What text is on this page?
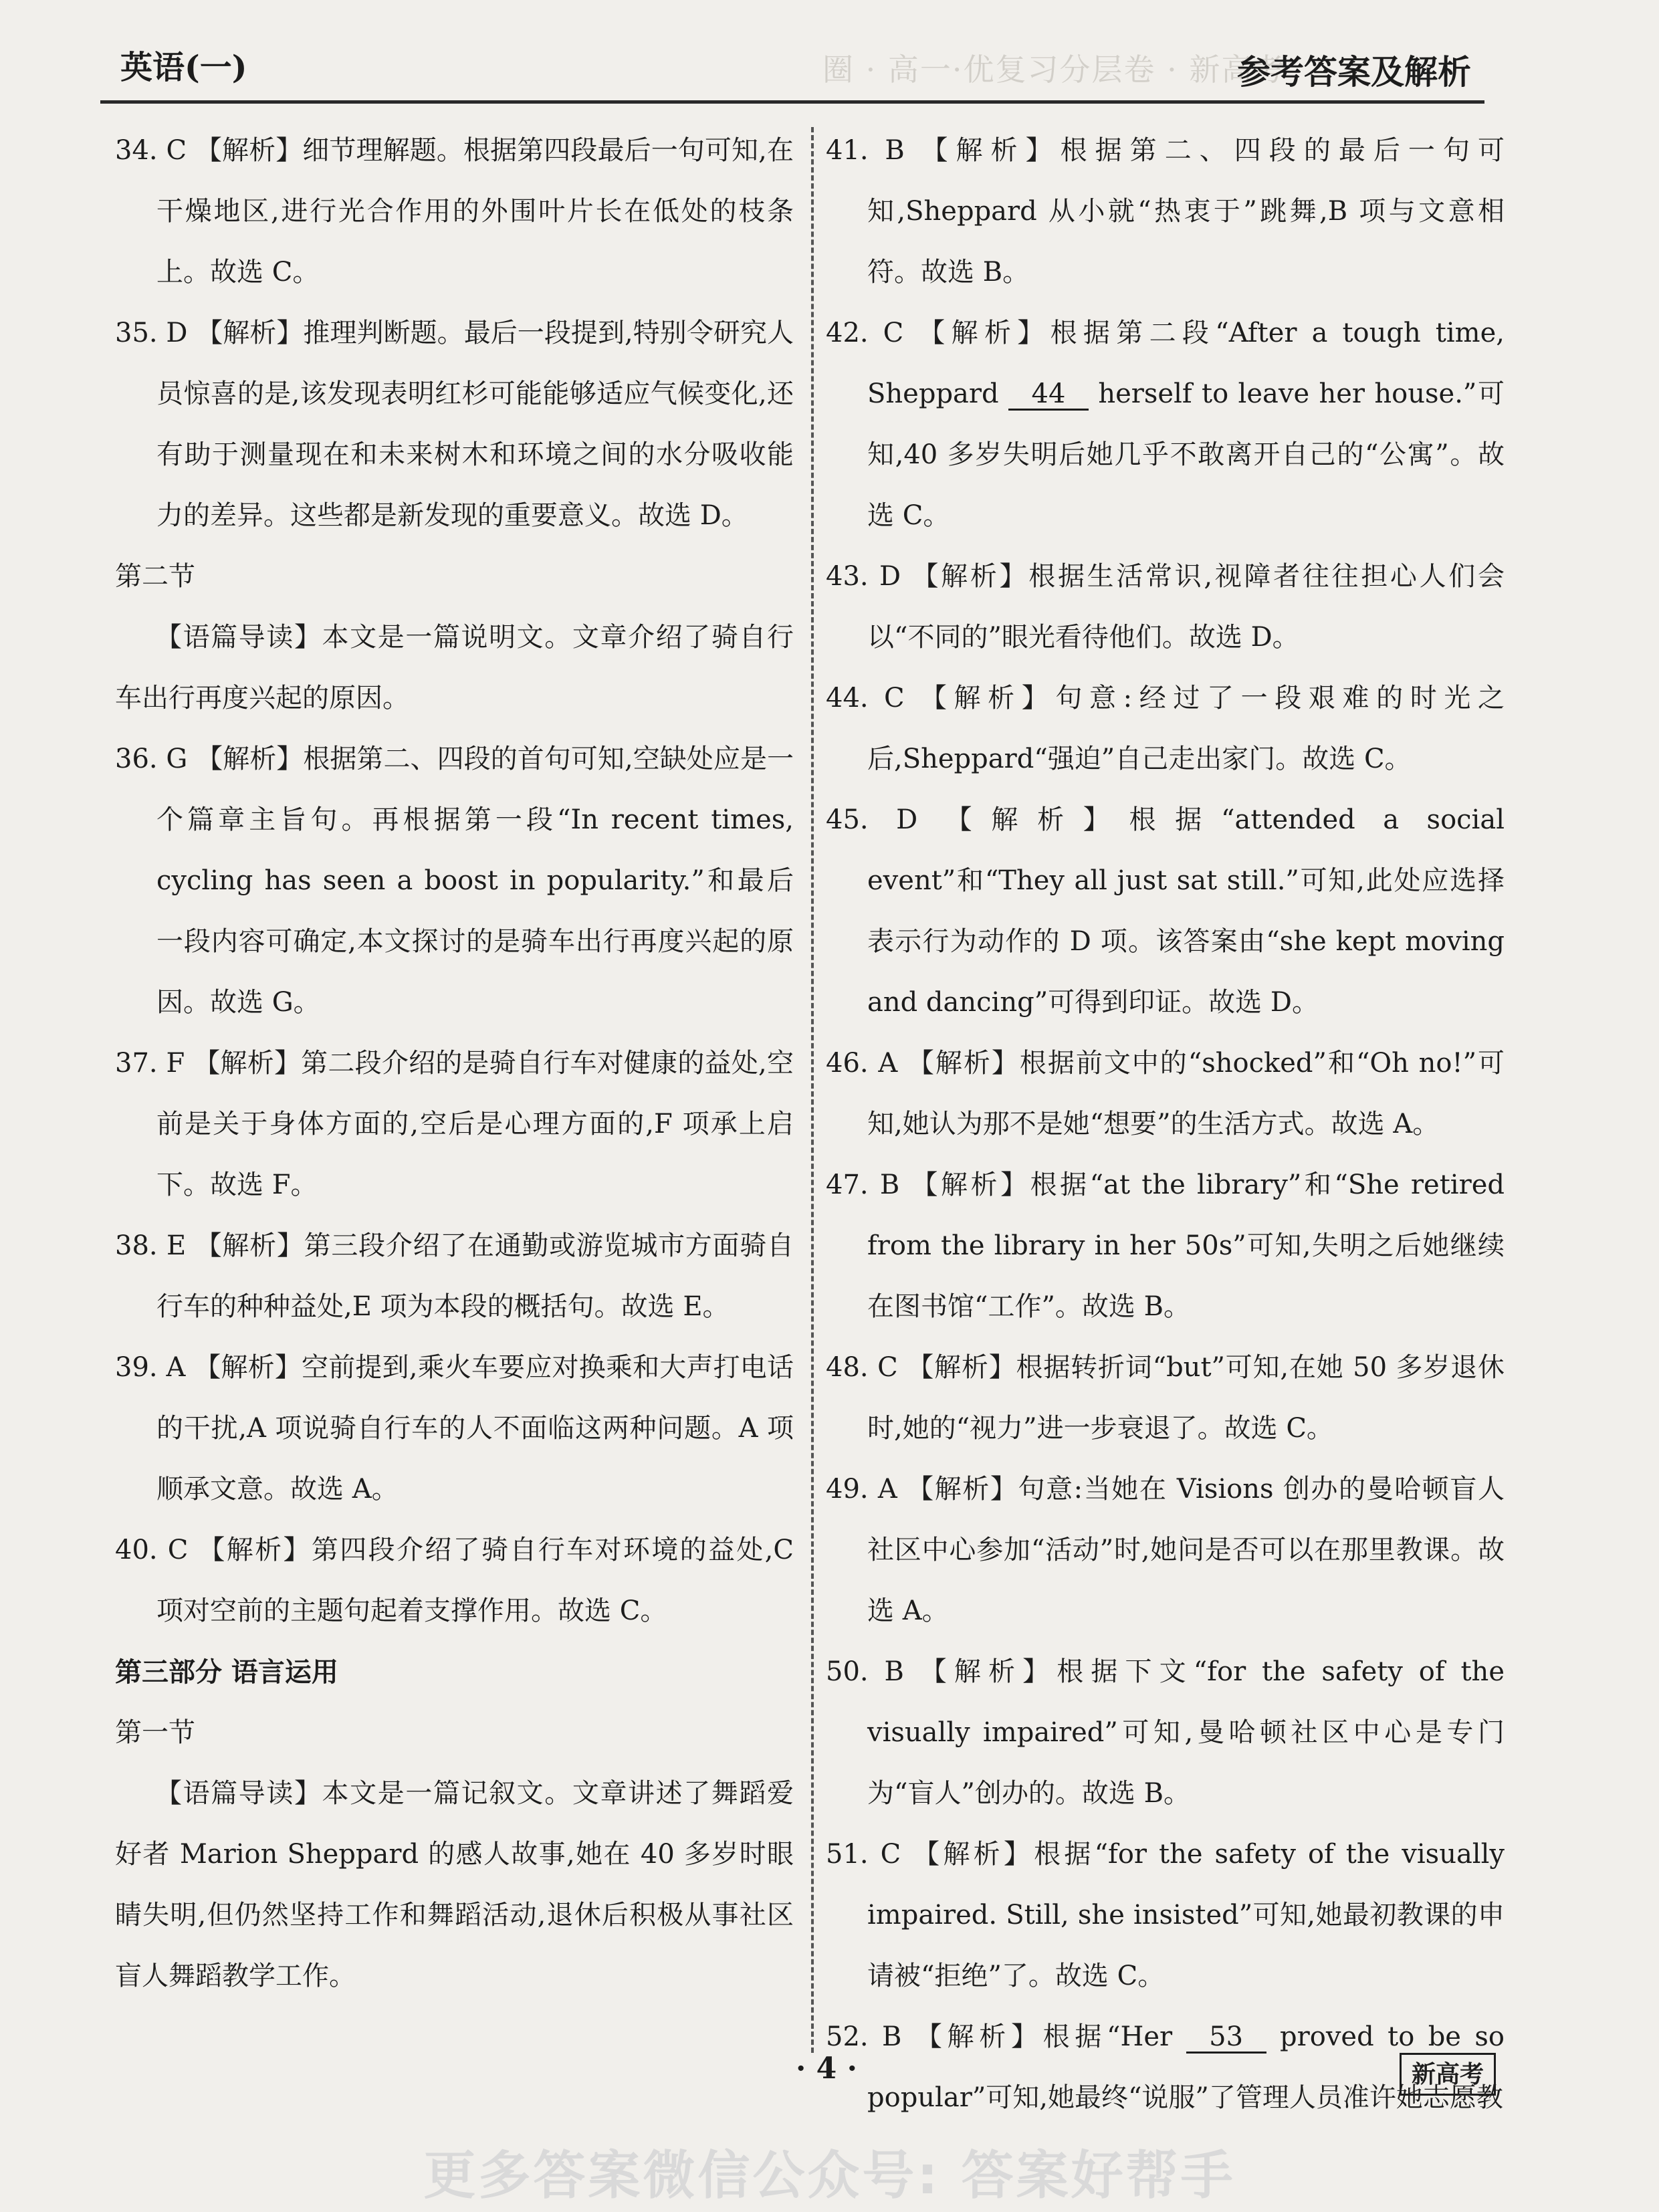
英语(一)	圈 · 高一·优复习分层卷 · 新高考
参考答案及解析

34. C 【解析】细节理解题。根据第四段最后一句可知,在干燥地区,进行光合作用的外围叶片长在低处的枝条上。故选 C。

35. D 【解析】推理判断题。最后一段提到,特别令研究人员惊喜的是,该发现表明红杉可能能够适应气候变化,还有助于测量现在和未来树木和环境之间的水分吸收能力的差异。这些都是新发现的重要意义。故选 D。

第二节

【语篇导读】本文是一篇说明文。文章介绍了骑自行车出行再度兴起的原因。

36. G 【解析】根据第二、四段的首句可知,空缺处应是一个篇章主旨句。再根据第一段“In recent times, cycling has seen a boost in popularity.”和最后一段内容可确定,本文探讨的是骑车出行再度兴起的原因。故选 G。

37. F 【解析】第二段介绍的是骑自行车对健康的益处,空前是关于身体方面的,空后是心理方面的,F 项承上启下。故选 F。

38. E 【解析】第三段介绍了在通勤或游览城市方面骑自行车的种种益处,E 项为本段的概括句。故选 E。

39. A 【解析】空前提到,乘火车要应对换乘和大声打电话的干扰,A 项说骑自行车的人不面临这两种问题。A 项顺承文意。故选 A。

40. C 【解析】第四段介绍了骑自行车对环境的益处,C 项对空前的主题句起着支撑作用。故选 C。

第三部分 语言运用

第一节

【语篇导读】本文是一篇记叙文。文章讲述了舞蹈爱好者 Marion Sheppard 的感人故事,她在 40 多岁时眼睛失明,但仍然坚持工作和舞蹈活动,退休后积极从事社区盲人舞蹈教学工作。

41. B 【解析】根据第二、四段的最后一句可知,Sheppard 从小就“热衷于”跳舞,B 项与文意相符。故选 B。

42. C 【解析】根据第二段“After a tough time, Sheppard 44 herself to leave her house.”可知,40 多岁失明后她几乎不敢离开自己的“公寓”。故选 C。

43. D 【解析】根据生活常识,视障者往往担心人们会以“不同的”眼光看待他们。故选 D。

44. C 【解析】句意:经过了一段艰难的时光之后,Sheppard“强迫”自己走出家门。故选 C。

45. D 【解析】根据“attended a social event”和“They all just sat still.”可知,此处应选择表示行为动作的 D 项。该答案由“she kept moving and dancing”可得到印证。故选 D。

46. A 【解析】根据前文中的“shocked”和“Oh no!”可知,她认为那不是她“想要”的生活方式。故选 A。

47. B 【解析】根据“at the library”和“She retired from the library in her 50s”可知,失明之后她继续在图书馆“工作”。故选 B。

48. C 【解析】根据转折词“but”可知,在她 50 多岁退休时,她的“视力”进一步衰退了。故选 C。

49. A 【解析】句意:当她在 Visions 创办的曼哈顿盲人社区中心参加“活动”时,她问是否可以在那里教课。故选 A。

50. B 【解析】根据下文“for the safety of the visually impaired”可知,曼哈顿社区中心是专门为“盲人”创办的。故选 B。

51. C 【解析】根据“for the safety of the visually impaired. Still, she insisted”可知,她最初教课的申请被“拒绝”了。故选 C。

52. B 【解析】根据“Her 53 proved to be so popular”可知,她最终“说服”了管理人员准许她志愿教

· 4 ·	新高考
更多答案微信公众号: 答案好帮手
